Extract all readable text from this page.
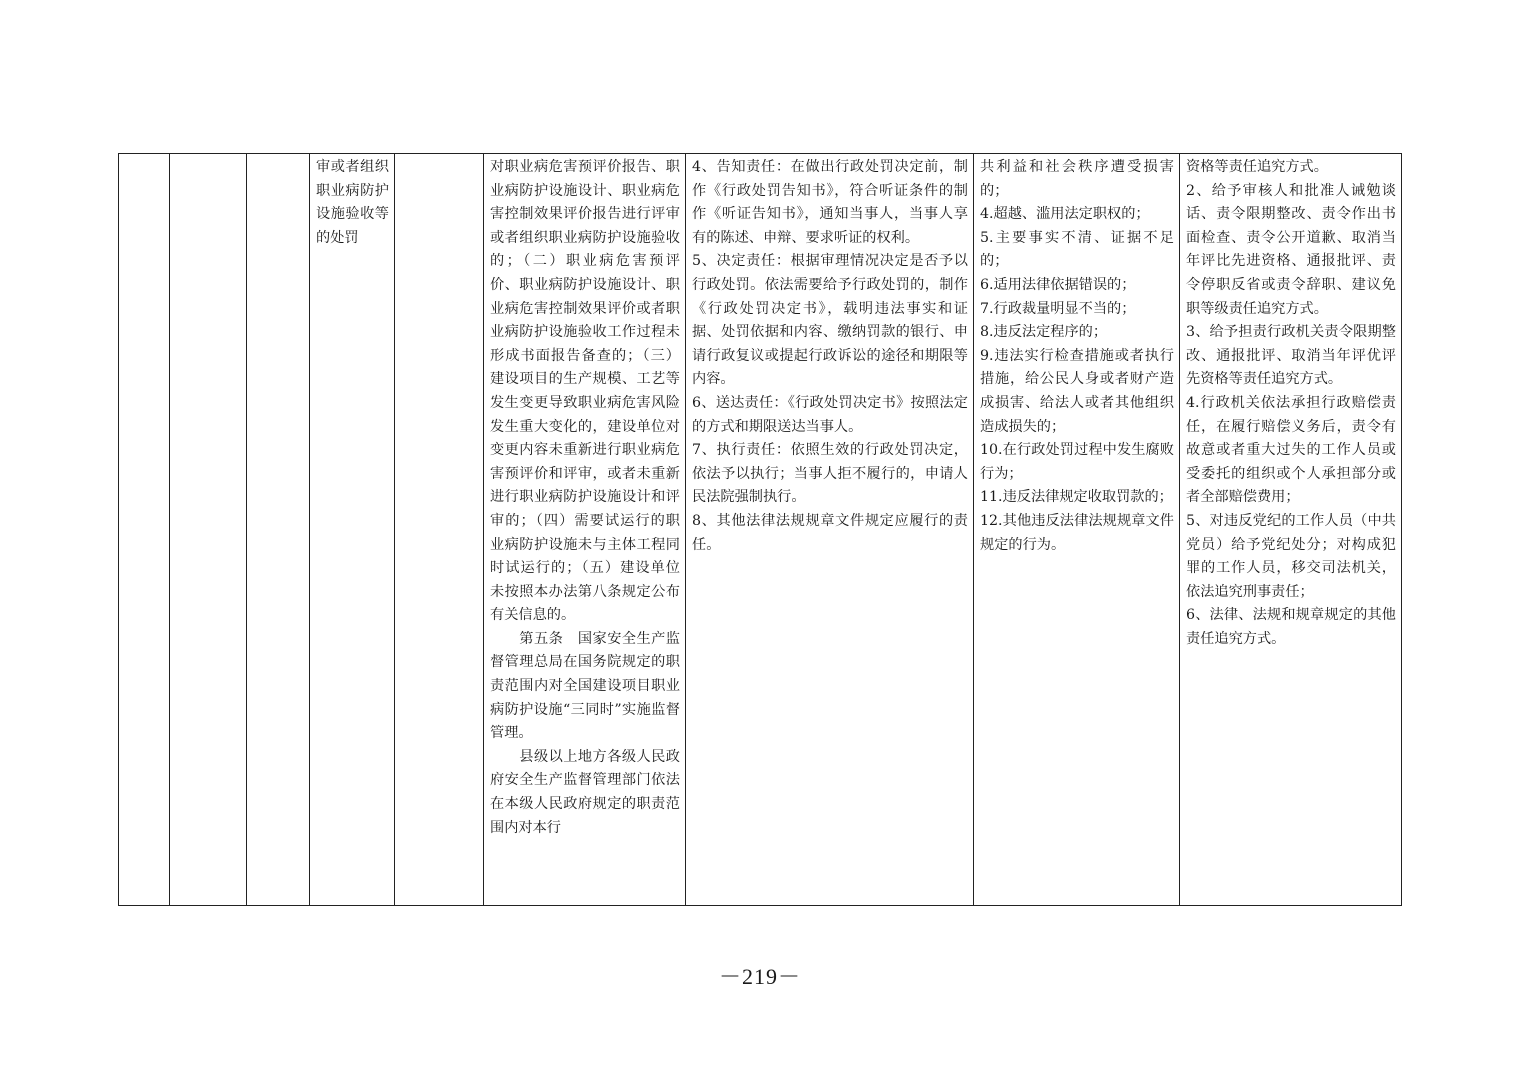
			审或者组织职业病防护设施验收等的处罚		对职业病危害预评价报告、职业病防护设施设计、职业病危害控制效果评价报告进行评审或者组织职业病防护设施验收的；（二）职业病危害预评价、职业病防护设施设计、职业病危害控制效果评价或者职业病防护设施验收工作过程未形成书面报告备查的；（三）建设项目的生产规模、工艺等发生变更导致职业病危害风险发生重大变化的，建设单位对变更内容未重新进行职业病危害预评价和评审，或者未重新进行职业病防护设施设计和评审的；（四）需要试运行的职业病防护设施未与主体工程同时试运行的；（五）建设单位未按照本办法第八条规定公布有关信息的。
　　第五条　国家安全生产监督管理总局在国务院规定的职责范围内对全国建设项目职业病防护设施“三同时”实施监督管理。
　　县级以上地方各级人民政府安全生产监督管理部门依法在本级人民政府规定的职责范围内对本行	4、告知责任：在做出行政处罚决定前，制作《行政处罚告知书》，符合听证条件的制作《听证告知书》，通知当事人，当事人享有的陈述、申辩、要求听证的权利。
5、决定责任：根据审理情况决定是否予以行政处罚。依法需要给予行政处罚的，制作《行政处罚决定书》，载明违法事实和证据、处罚依据和内容、缴纳罚款的银行、申请行政复议或提起行政诉讼的途径和期限等内容。
6、送达责任：《行政处罚决定书》按照法定的方式和期限送达当事人。
7、执行责任：依照生效的行政处罚决定，依法予以执行；当事人拒不履行的，申请人民法院强制执行。
8、其他法律法规规章文件规定应履行的责任。	共利益和社会秩序遭受损害的；
4.超越、滥用法定职权的；
5.主要事实不清、证据不足的；
6.适用法律依据错误的；
7.行政裁量明显不当的；
8.违反法定程序的；
9.违法实行检查措施或者执行措施，给公民人身或者财产造成损害、给法人或者其他组织造成损失的；
10.在行政处罚过程中发生腐败行为；
11.违反法律规定收取罚款的；
12.其他违反法律法规规章文件规定的行为。	资格等责任追究方式。
2、给予审核人和批准人诫勉谈话、责令限期整改、责令作出书面检查、责令公开道歉、取消当年评比先进资格、通报批评、责令停职反省或责令辞职、建议免职等级责任追究方式。
3、给予担责行政机关责令限期整改、通报批评、取消当年评优评先资格等责任追究方式。
4.行政机关依法承担行政赔偿责任，在履行赔偿义务后，责令有故意或者重大过失的工作人员或受委托的组织或个人承担部分或者全部赔偿费用；
5、对违反党纪的工作人员（中共党员）给予党纪处分；对构成犯罪的工作人员，移交司法机关，依法追究刑事责任；
6、法律、法规和规章规定的其他责任追究方式。
－219－
